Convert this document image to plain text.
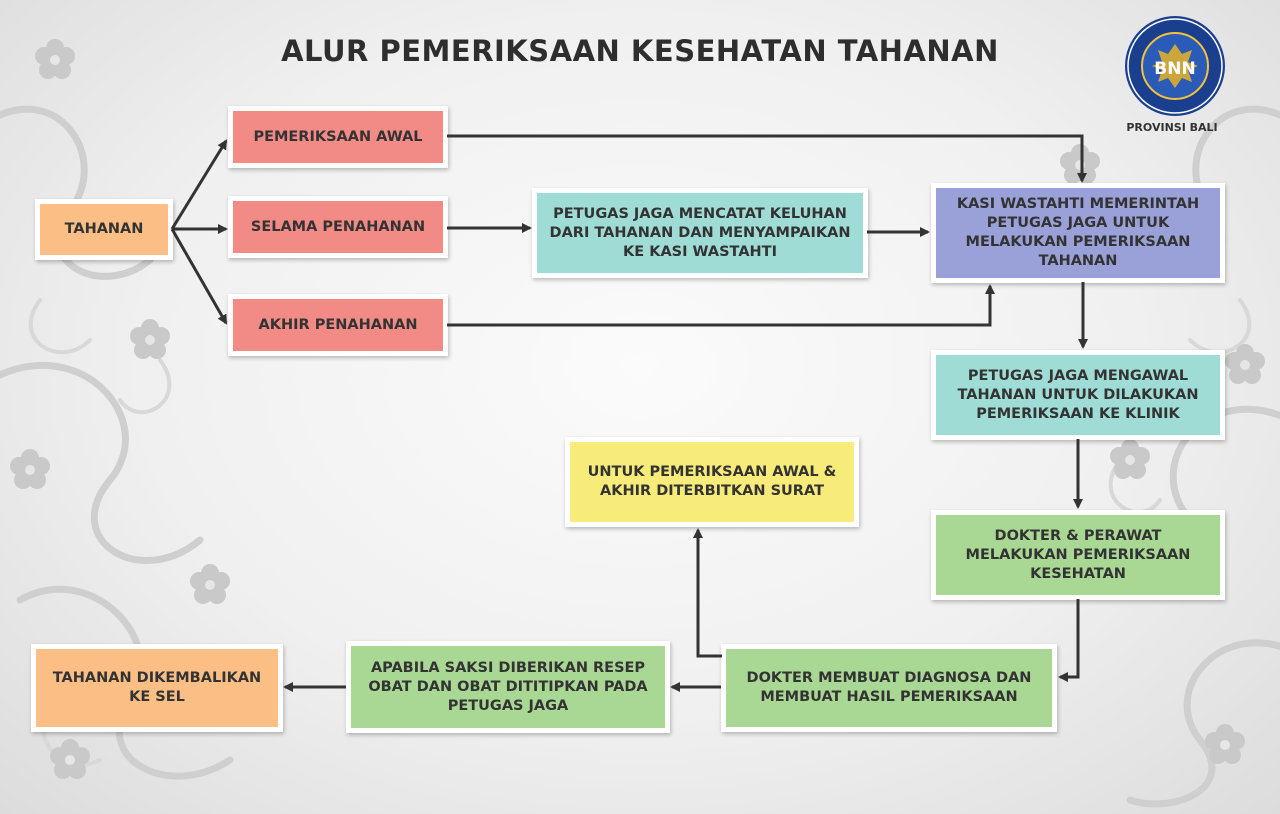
ALUR PEMERIKSAAN KESEHATAN TAHANAN
BNN
PROVINSI BALI
TAHANAN
PEMERIKSAAN AWAL
SELAMA PENAHANAN
AKHIR PENAHANAN
PETUGAS JAGA MENCATAT KELUHAN DARI TAHANAN DAN MENYAMPAIKAN KE KASI WASTAHTI
KASI WASTAHTI MEMERINTAH PETUGAS JAGA UNTUK MELAKUKAN PEMERIKSAAN TAHANAN
PETUGAS JAGA MENGAWAL TAHANAN UNTUK DILAKUKAN PEMERIKSAAN KE KLINIK
DOKTER & PERAWAT MELAKUKAN PEMERIKSAAN KESEHATAN
UNTUK PEMERIKSAAN AWAL & AKHIR DITERBITKAN SURAT
DOKTER MEMBUAT DIAGNOSA DAN MEMBUAT HASIL PEMERIKSAAN
APABILA SAKSI DIBERIKAN RESEP OBAT DAN OBAT DITITIPKAN PADA PETUGAS JAGA
TAHANAN DIKEMBALIKAN KE SEL
